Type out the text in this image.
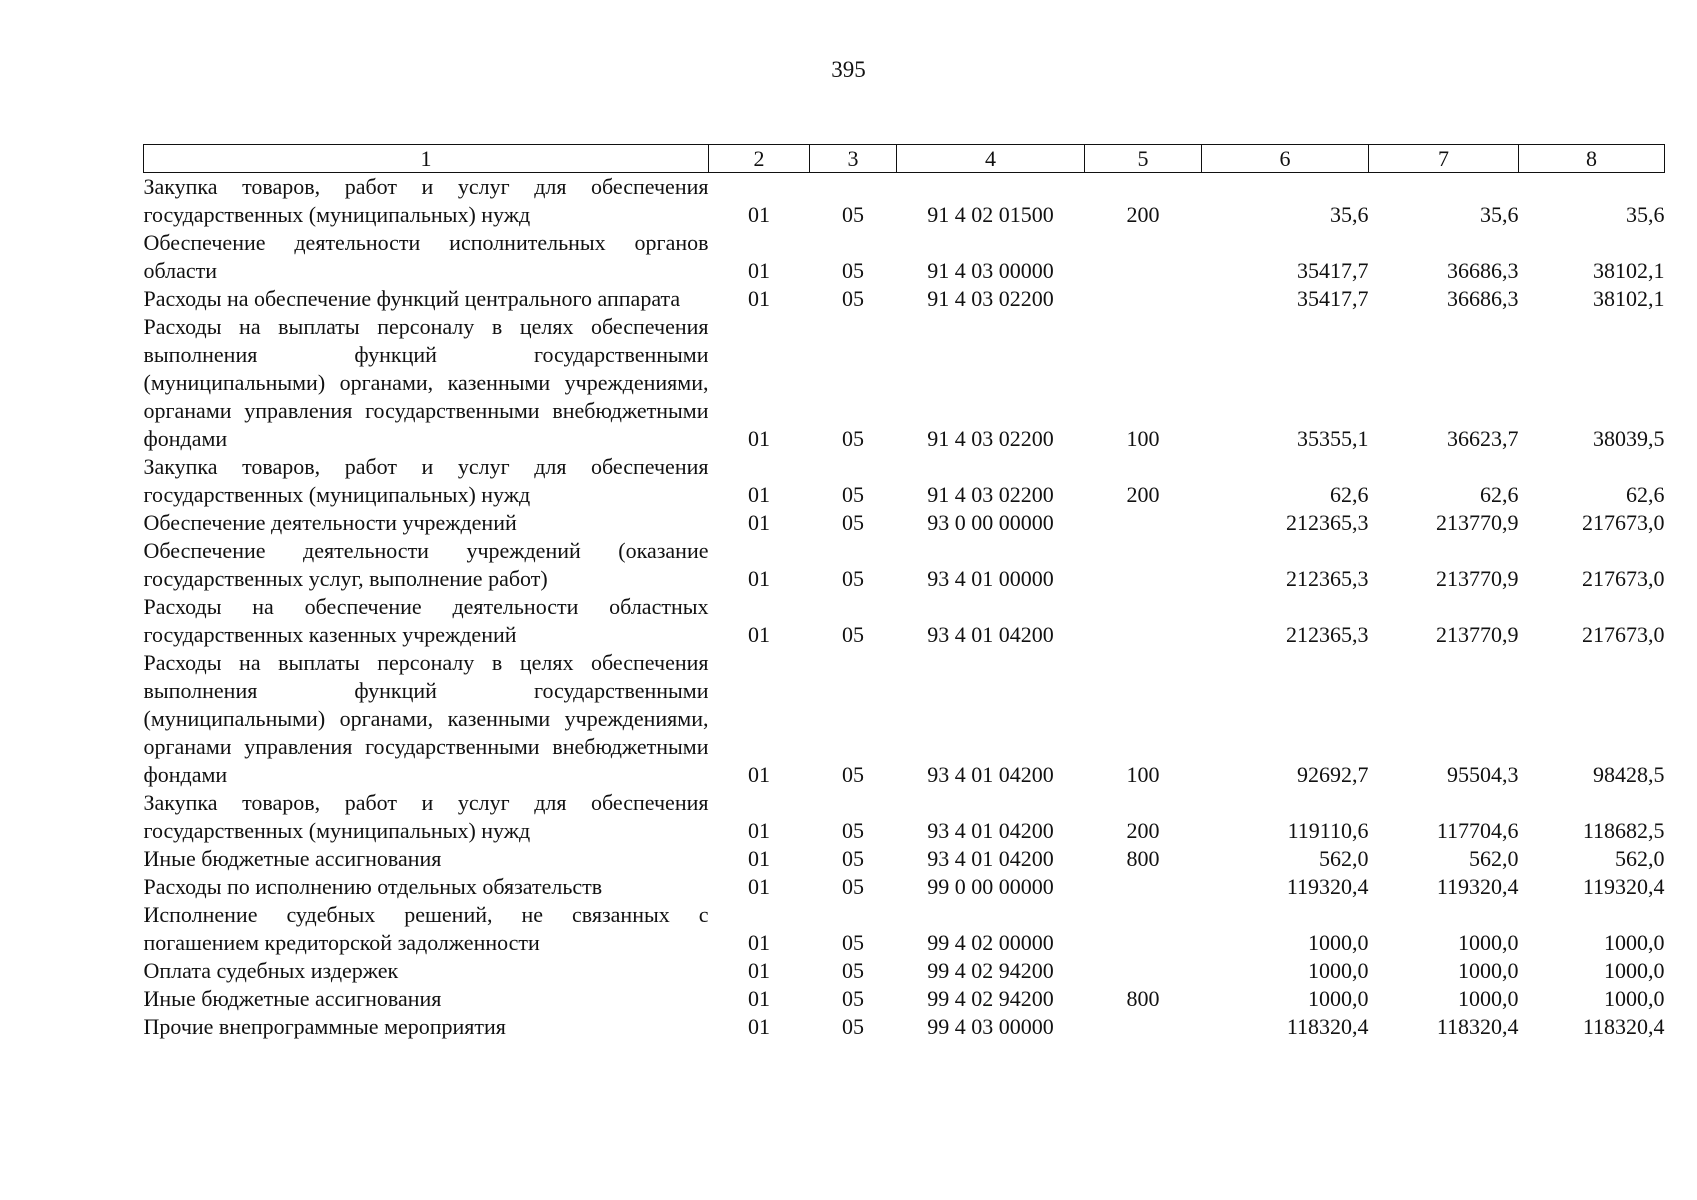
395
1	2	3	4	5	6	7	8
Закупка товаров, работ и услуг для обеспечения государственных (муниципальных) нужд	01	05	91 4 02 01500	200	35,6	35,6	35,6
Обеспечение деятельности исполнительных органов области	01	05	91 4 03 00000		35417,7	36686,3	38102,1
Расходы на обеспечение функций центрального аппарата	01	05	91 4 03 02200		35417,7	36686,3	38102,1
Расходы на выплаты персоналу в целях обеспечения выполнения функций государственными (муниципальными) органами, казенными учреждениями, органами управления государственными внебюджетными фондами	01	05	91 4 03 02200	100	35355,1	36623,7	38039,5
Закупка товаров, работ и услуг для обеспечения государственных (муниципальных) нужд	01	05	91 4 03 02200	200	62,6	62,6	62,6
Обеспечение деятельности учреждений	01	05	93 0 00 00000		212365,3	213770,9	217673,0
Обеспечение деятельности учреждений (оказание государственных услуг, выполнение работ)	01	05	93 4 01 00000		212365,3	213770,9	217673,0
Расходы на обеспечение деятельности областных государственных казенных учреждений	01	05	93 4 01 04200		212365,3	213770,9	217673,0
Расходы на выплаты персоналу в целях обеспечения выполнения функций государственными (муниципальными) органами, казенными учреждениями, органами управления государственными внебюджетными фондами	01	05	93 4 01 04200	100	92692,7	95504,3	98428,5
Закупка товаров, работ и услуг для обеспечения государственных (муниципальных) нужд	01	05	93 4 01 04200	200	119110,6	117704,6	118682,5
Иные бюджетные ассигнования	01	05	93 4 01 04200	800	562,0	562,0	562,0
Расходы по исполнению отдельных обязательств	01	05	99 0 00 00000		119320,4	119320,4	119320,4
Исполнение судебных решений, не связанных с погашением кредиторской задолженности	01	05	99 4 02 00000		1000,0	1000,0	1000,0
Оплата судебных издержек	01	05	99 4 02 94200		1000,0	1000,0	1000,0
Иные бюджетные ассигнования	01	05	99 4 02 94200	800	1000,0	1000,0	1000,0
Прочие внепрограммные мероприятия	01	05	99 4 03 00000		118320,4	118320,4	118320,4
